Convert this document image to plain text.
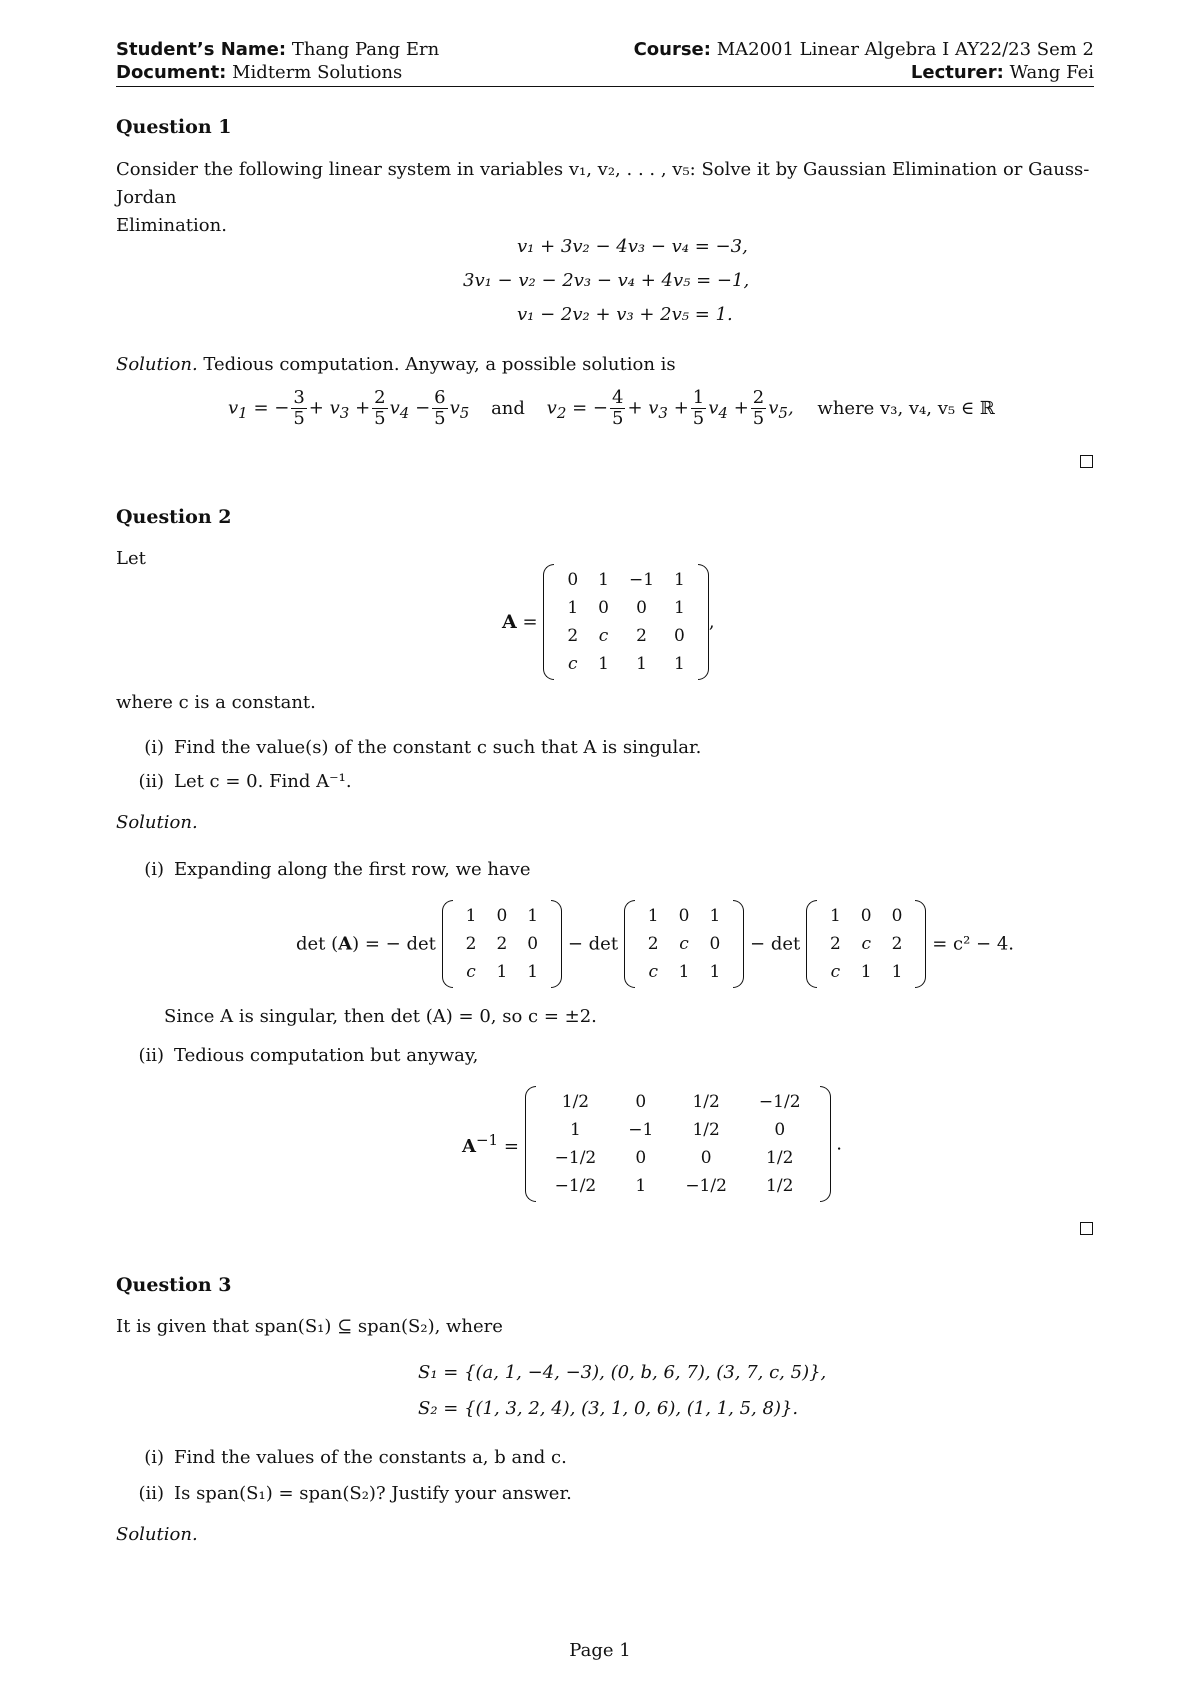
Student’s Name: Thang Pang Ern	Course: MA2001 Linear Algebra I AY22/23 Sem 2
Document: Midterm Solutions	Lecturer: Wang Fei
Question 1
Consider the following linear system in variables v₁, v₂, . . . , v₅: Solve it by Gaussian Elimination or Gauss-Jordan
Elimination.
v₁ + 3v₂ − 4v₃ − v₄ = −3,
3v₁ − v₂ − 2v₃ − v₄ + 4v₅ = −1,
v₁ − 2v₂ + v₃ + 2v₅ = 1.
Solution. Tedious computation. Anyway, a possible solution is
$v_1$ = − $\frac{3}{5} + v_3 + \frac{2}{5} v_4 - \frac{6}{5} v_5$ and $v_2$ = − $\frac{4}{5} + v_3 + \frac{1}{5} v_4 + \frac{2}{5} v_5$, where v₃, v₄, v₅ ∈ ℝ
Question 2
Let
A =
0	1	−1	1
1	0	0	1
2	c	2	0
c	1	1	1
,
where c is a constant.
(i) Find the value(s) of the constant c such that A is singular.
(ii) Let c = 0. Find A⁻¹.
Solution.
(i) Expanding along the first row, we have
det (A) = − det
1	0	1
2	2	0
c	1	1
− det
1	0	1
2	c	0
c	1	1
− det
1	0	0
2	c	2
c	1	1
= c² − 4.
Since A is singular, then det (A) = 0, so c = ±2.
(ii) Tedious computation but anyway,
$A^{-1}$ =
1/2	0	1/2	−1/2
1	−1	1/2	0
−1/2	0	0	1/2
−1/2	1	−1/2	1/2
.
Question 3
It is given that span(S₁) ⊆ span(S₂), where
S₁ = {(a, 1, −4, −3), (0, b, 6, 7), (3, 7, c, 5)},
S₂ = {(1, 3, 2, 4), (3, 1, 0, 6), (1, 1, 5, 8)}.
(i) Find the values of the constants a, b and c.
(ii) Is span(S₁) = span(S₂)? Justify your answer.
Solution.
Page 1
